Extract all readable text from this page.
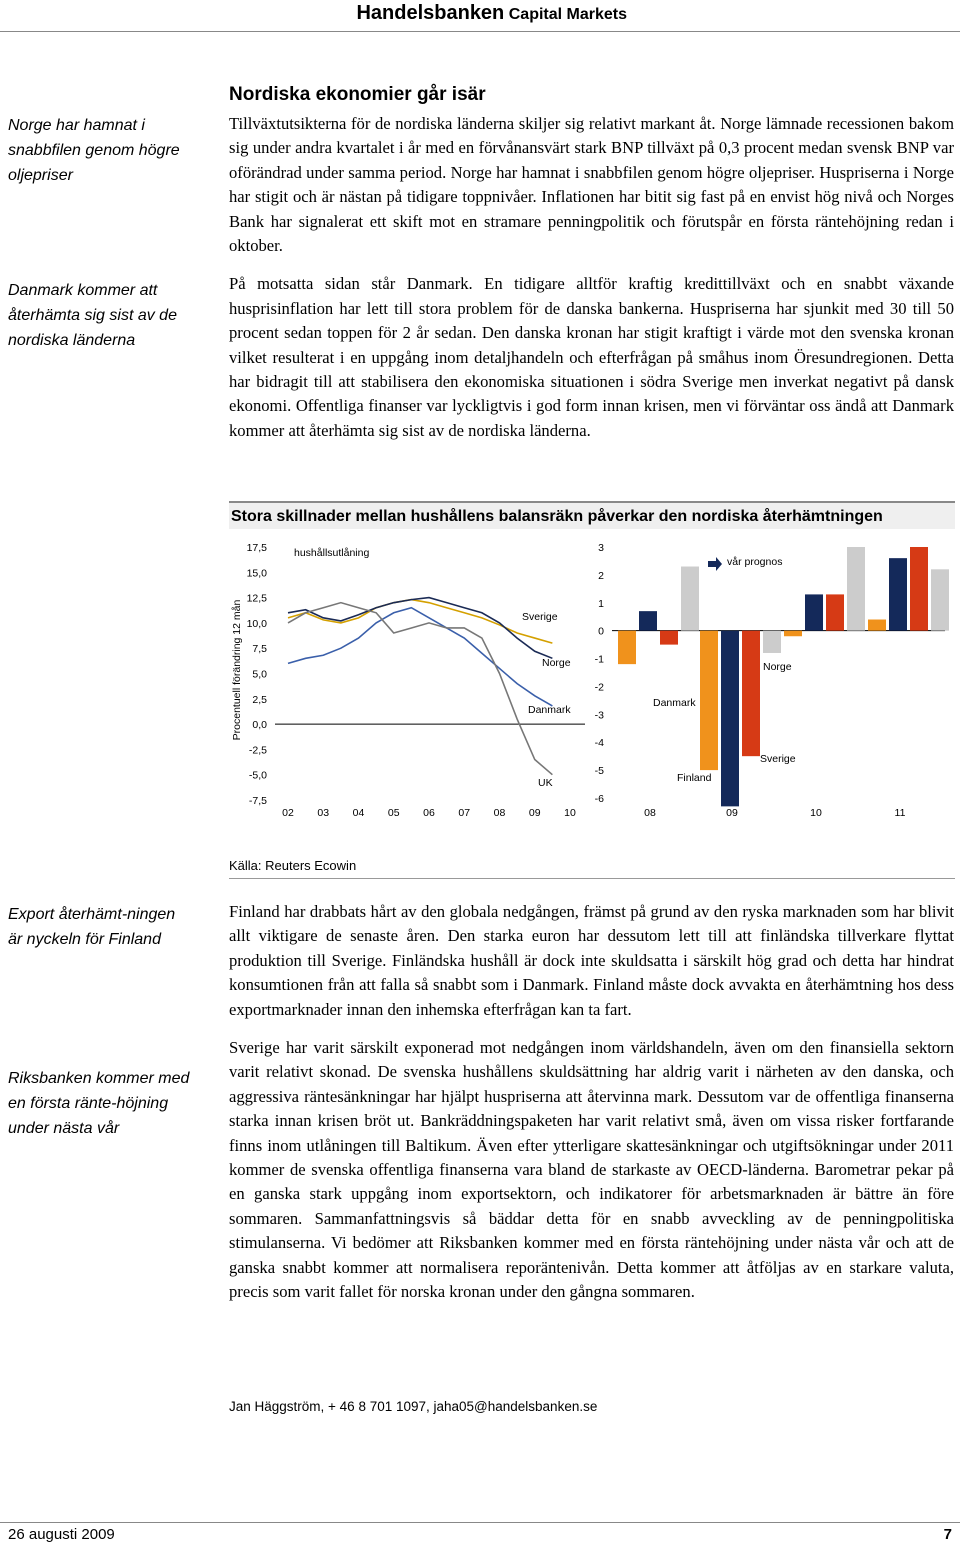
Handelsbanken Capital Markets
Norge har hamnat i snabbfilen genom högre oljepriser
Danmark kommer att återhämta sig sist av de nordiska länderna
Export återhämt-ningen är nyckeln för Finland
Riksbanken kommer med en första ränte-höjning under nästa vår
Nordiska ekonomier går isär

Tillväxtutsikterna för de nordiska länderna skiljer sig relativt markant åt. Norge lämnade recessionen bakom sig under andra kvartalet i år med en förvånansvärt stark BNP tillväxt på 0,3 procent medan svensk BNP var oförändrad under samma period. Norge har hamnat i snabbfilen genom högre oljepriser. Huspriserna i Norge har stigit och är nästan på tidigare toppnivåer. Inflationen har bitit sig fast på en envist hög nivå och Norges Bank har signalerat ett skift mot en stramare penningpolitik och förutspår en första räntehöjning redan i oktober.

På motsatta sidan står Danmark. En tidigare alltför kraftig kredittillväxt och en snabbt växande husprisinflation har lett till stora problem för de danska bankerna. Huspriserna har sjunkit med 30 till 50 procent sedan toppen för 2 år sedan. Den danska kronan har stigit kraftigt i värde mot den svenska kronan vilket resulterat i en uppgång inom detaljhandeln och efterfrågan på småhus inom Öresundregionen. Detta har bidragit till att stabilisera den ekonomiska situationen i södra Sverige men inverkat negativt på dansk ekonomi. Offentliga finanser var lyckligtvis i god form innan krisen, men vi förväntar oss ändå att Danmark kommer att återhämta sig sist av de nordiska länderna.

Stora skillnader mellan hushållens balansräkn påverkar den nordiska återhämtningen
17,5
15,0
12,5
10,0
7,5
5,0
2,5
0,0
-2,5
-5,0
-7,5
02 03 04 05 06 07 08 09 10
hushållsutlåning
Procentuell förändring 12 mån	Sverige
Norge
Danmark
UK
3
2
1
0
-1
-2
-3
-4
-5
-6
08	09	10	11
vår prognos
Danmark
Finland
Sverige
Norge
Källa: Reuters Ecowin

Finland har drabbats hårt av den globala nedgången, främst på grund av den ryska marknaden som har blivit allt viktigare de senaste åren. Den starka euron har dessutom lett till att finländska tillverkare flyttat produktion till Sverige. Finländska hushåll är dock inte skuldsatta i särskilt hög grad och detta har hindrat konsumtionen från att falla så snabbt som i Danmark. Finland måste dock avvakta en återhämtning hos dess exportmarknader innan den inhemska efterfrågan kan ta fart.

Sverige har varit särskilt exponerad mot nedgången inom världshandeln, även om den finansiella sektorn varit relativt skonad. De svenska hushållens skuldsättning har aldrig varit i närheten av den danska, och aggressiva räntesänkningar har hjälpt huspriserna att återvinna mark. Dessutom var de offentliga finanserna starka innan krisen bröt ut. Bankräddningspaketen har varit relativt små, även om vissa risker fortfarande finns inom utlåningen till Baltikum. Även efter ytterligare skattesänkningar och utgiftsökningar under 2011 kommer de svenska offentliga finanserna vara bland de starkaste av OECD-länderna. Barometrar pekar på en ganska stark uppgång inom exportsektorn, och indikatorer för arbetsmarknaden är bättre än före sommaren. Sammanfattningsvis så bäddar detta för en snabb avveckling av de penningpolitiska stimulanserna. Vi bedömer att Riksbanken kommer med en första räntehöjning under nästa vår och att de ganska snabbt kommer att normalisera reporäntenivån. Detta kommer att åtföljas av en starkare valuta, precis som varit fallet för norska kronan under den gångna sommaren.

Jan Häggström, + 46 8 701 1097, jaha05@handelsbanken.se
26 augusti 2009	7
